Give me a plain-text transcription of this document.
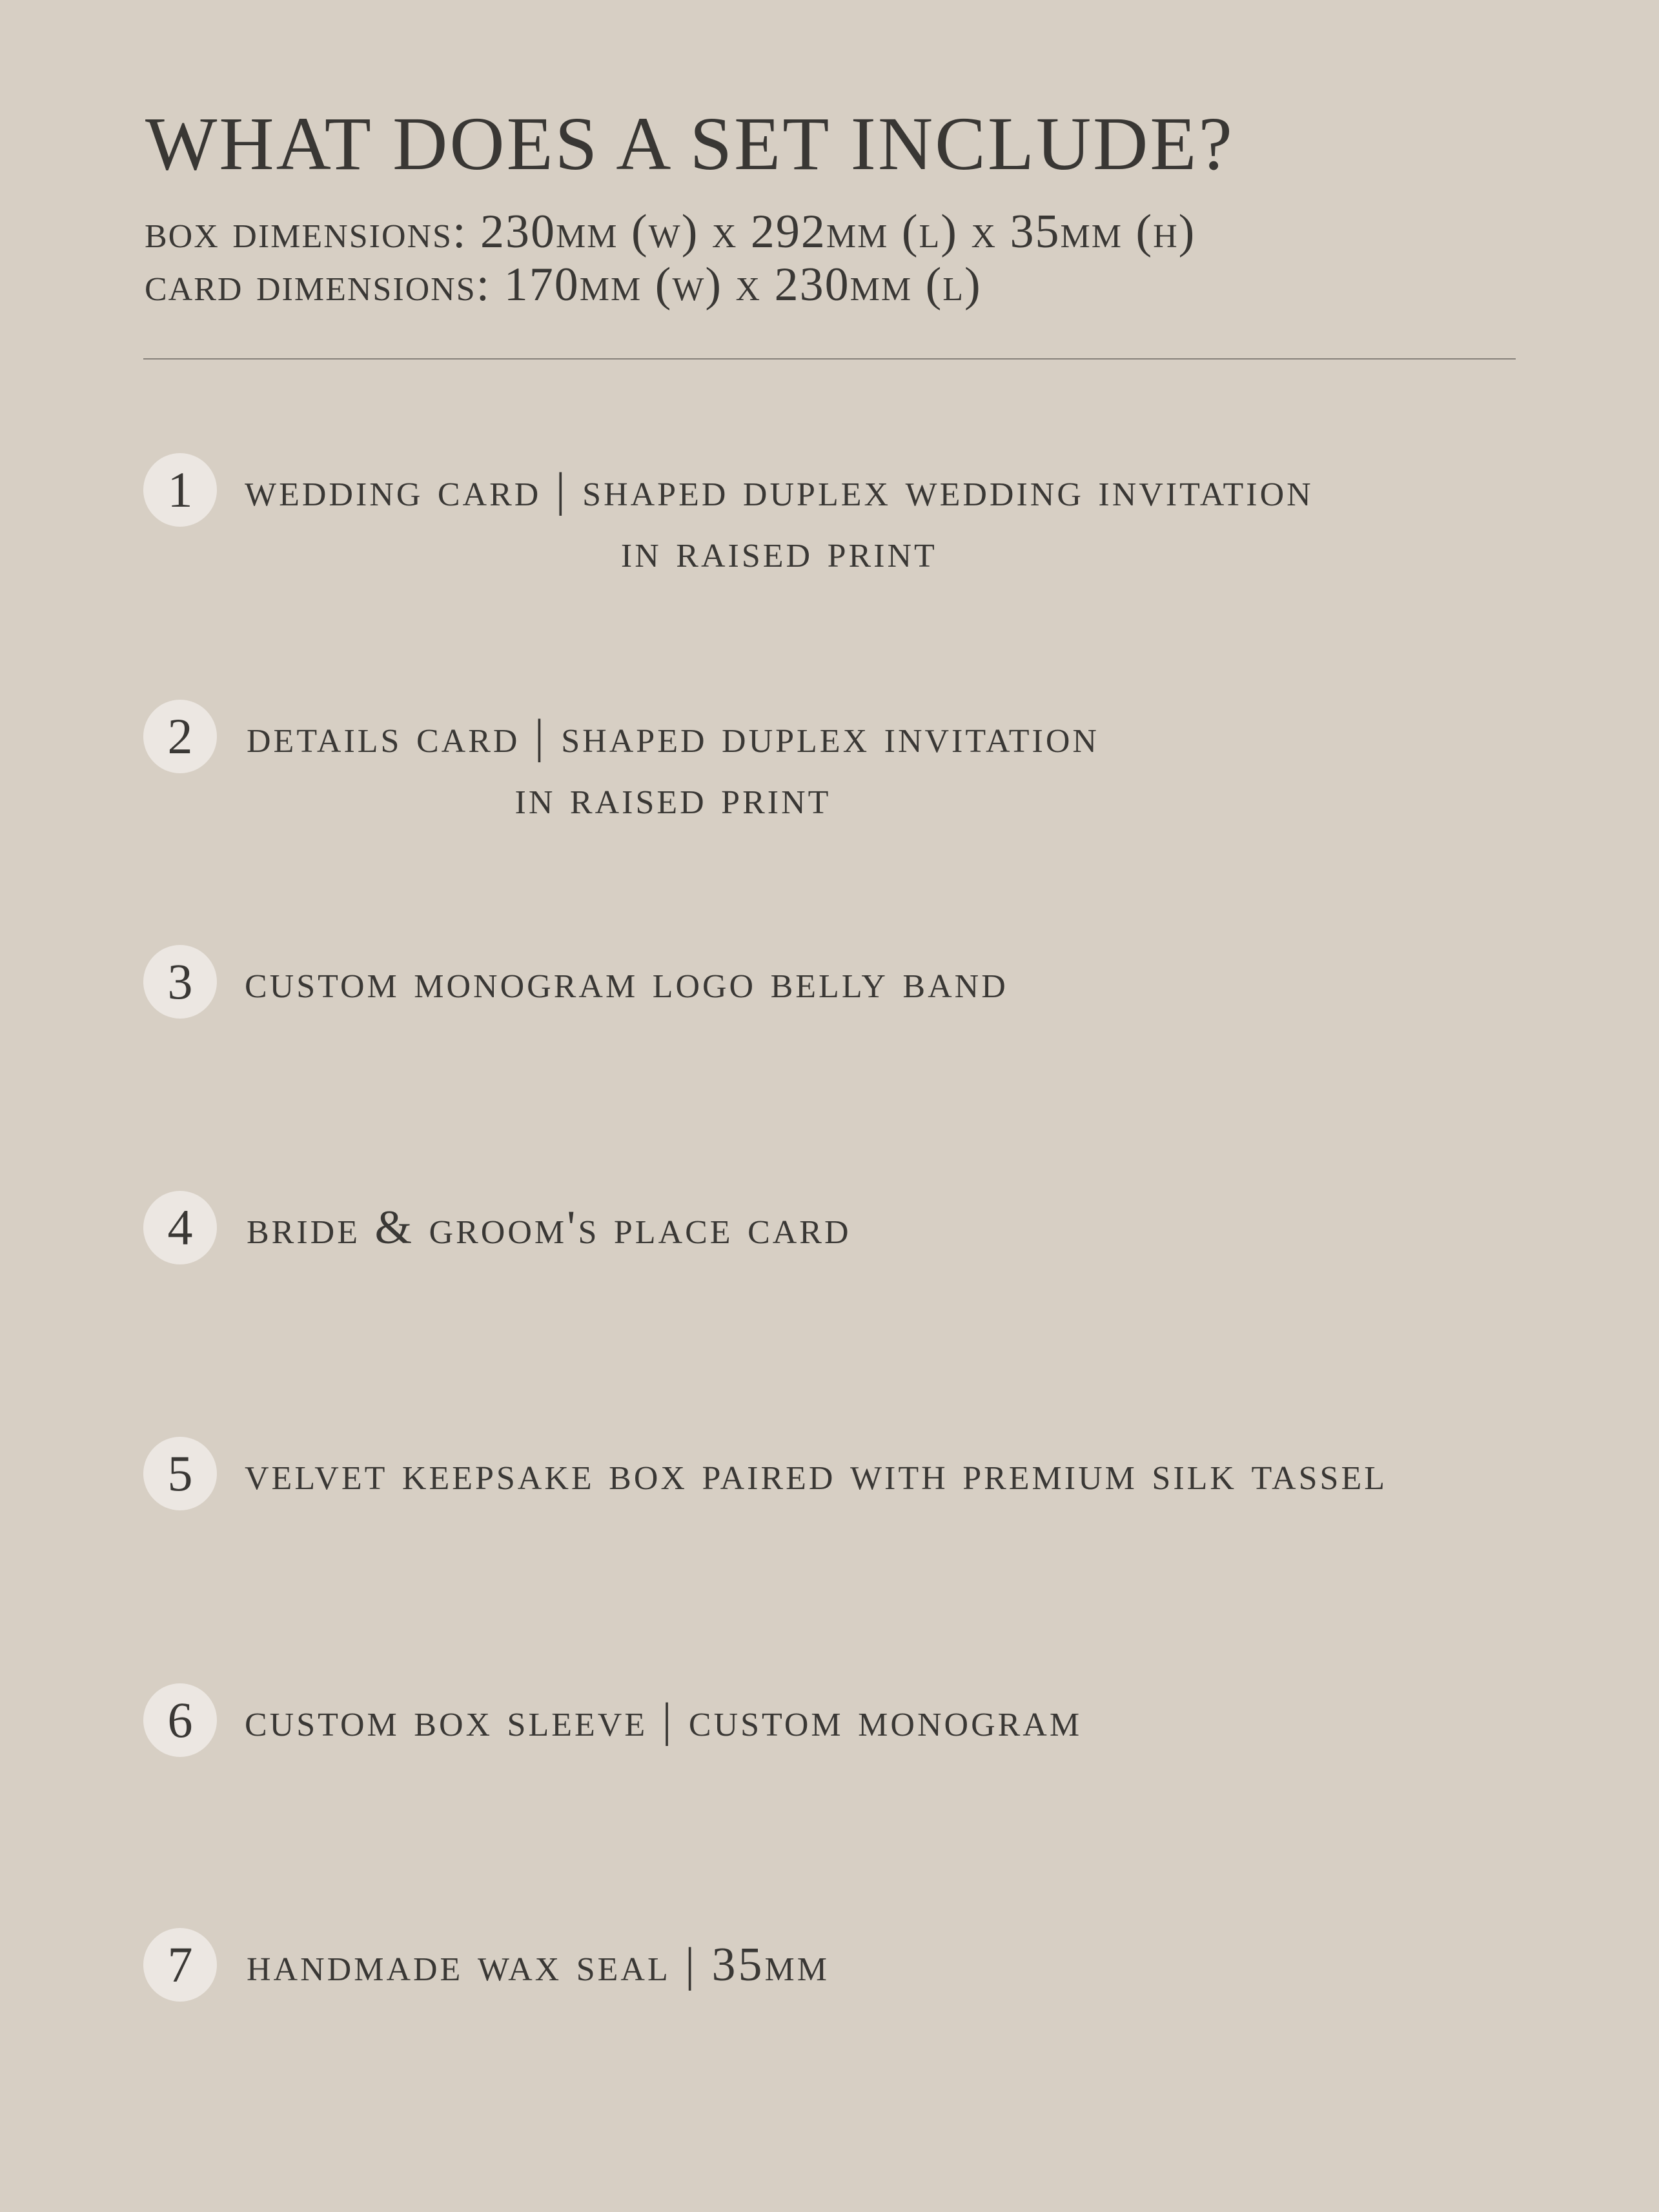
WHAT DOES A SET INCLUDE?
box dimensions: 230mm (w) x 292mm (l) x 35mm (h)
card dimensions: 170mm (w) x 230mm (l)
1	wedding card | shaped duplex wedding invitation
in raised print
2	details card | shaped duplex invitation
in raised print
3	custom monogram logo belly band
4	bride & groom's place card
5	velvet keepsake box paired with premium silk tassel
6	custom box sleeve | custom monogram
7	handmade wax seal | 35mm
